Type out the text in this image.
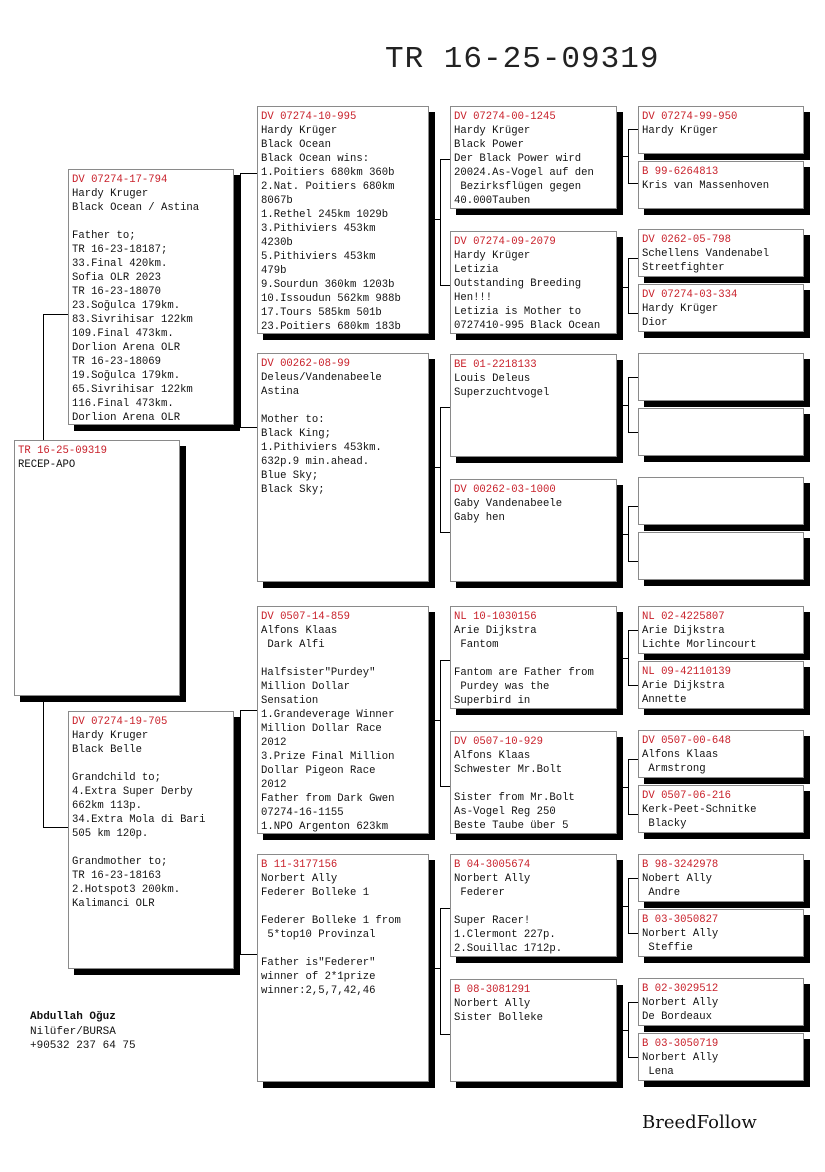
TR 16-25-09319
TR 16-25-09319
RECEP-APO
DV 07274-17-794
Hardy Kruger
Black Ocean / Astina
Father to;
TR 16-23-18187;
33.Final 420km.
Sofia OLR 2023
TR 16-23-18070
23.Soğulca 179km.
83.Sivrihisar 122km
109.Final 473km.
Dorlion Arena OLR
TR 16-23-18069
19.Soğulca 179km.
65.Sivrihisar 122km
116.Final 473km.
Dorlion Arena OLR
DV 07274-19-705
Hardy Kruger
Black Belle
Grandchild to;
4.Extra Super Derby
662km 113p.
34.Extra Mola di Bari
505 km 120p.
Grandmother to;
TR 16-23-18163
2.Hotspot3 200km.
Kalimanci OLR
DV 07274-10-995
Hardy Krüger
Black Ocean
Black Ocean wins:
1.Poitiers 680km 360b
2.Nat. Poitiers 680km
8067b
1.Rethel 245km 1029b
3.Pithiviers 453km
4230b
5.Pithiviers 453km
479b
9.Sourdun 360km 1203b
10.Issoudun 562km 988b
17.Tours 585km 501b
23.Poitiers 680km 183b
DV 00262-08-99
Deleus/Vandenabeele
Astina
Mother to:
Black King;
1.Pithiviers 453km.
632p.9 min.ahead.
Blue Sky;
Black Sky;
DV 0507-14-859
Alfons Klaas
Dark Alfi
Halfsister"Purdey"
Million Dollar
Sensation
1.Grandeverage Winner
Million Dollar Race
2012
3.Prize Final Million
Dollar Pigeon Race
2012
Father from Dark Gwen
07274-16-1155
1.NPO Argenton 623km
B 11-3177156
Norbert Ally
Federer Bolleke 1
Federer Bolleke 1 from
5*top10 Provinzal
Father is"Federer"
winner of 2*1prize
winner:2,5,7,42,46
DV 07274-00-1245
Hardy Krüger
Black Power
Der Black Power wird
20024.As-Vogel auf den
Bezirksflügen gegen
40.000Tauben
DV 07274-09-2079
Hardy Krüger
Letizia
Outstanding Breeding
Hen!!!
Letizia is Mother to
0727410-995 Black Ocean
BE 01-2218133
Louis Deleus
Superzuchtvogel
DV 00262-03-1000
Gaby Vandenabeele
Gaby hen
NL 10-1030156
Arie Dijkstra
Fantom
Fantom are Father from
Purdey was the
Superbird in
DV 0507-10-929
Alfons Klaas
Schwester Mr.Bolt
Sister from Mr.Bolt
As-Vogel Reg 250
Beste Taube über 5
B 04-3005674
Norbert Ally
Federer
Super Racer!
1.Clermont 227p.
2.Souillac 1712p.
B 08-3081291
Norbert Ally
Sister Bolleke
DV 07274-99-950
Hardy Krüger
B 99-6264813
Kris van Massenhoven
DV 0262-05-798
Schellens Vandenabel
Streetfighter
DV 07274-03-334
Hardy Krüger
Dior
NL 02-4225807
Arie Dijkstra
Lichte Morlincourt
NL 09-42110139
Arie Dijkstra
Annette
DV 0507-00-648
Alfons Klaas
Armstrong
DV 0507-06-216
Kerk-Peet-Schnitke
Blacky
B 98-3242978
Nobert Ally
Andre
B 03-3050827
Norbert Ally
Steffie
B 02-3029512
Norbert Ally
De Bordeaux
B 03-3050719
Norbert Ally
Lena
Abdullah Oğuz
Nilüfer/BURSA
+90532 237 64 75
BreedFollow
